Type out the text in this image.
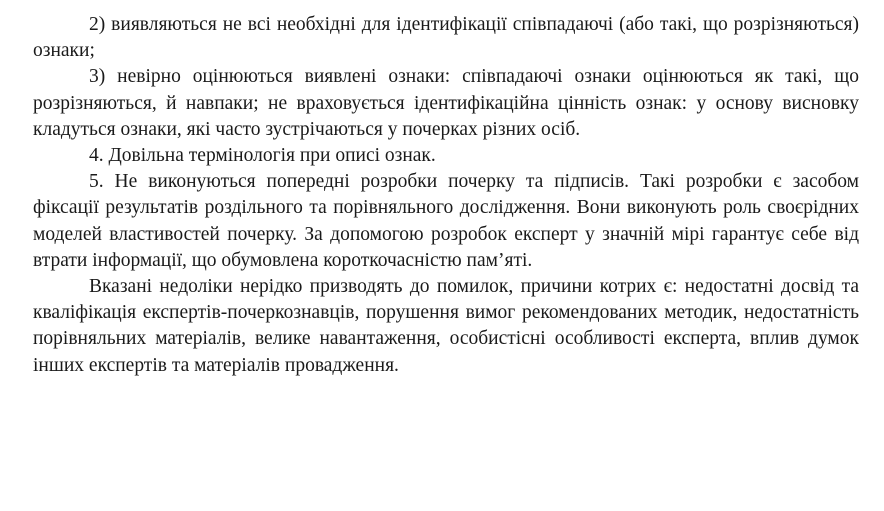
2) виявляються не всі необхідні для ідентифікації співпадаючі (або такі, що розрізняються) ознаки;

3) невірно оцінюються виявлені ознаки: співпадаючі ознаки оцінюються як такі, що розрізняються, й навпаки; не враховується ідентифікаційна цінність ознак: у основу висновку кладуться ознаки, які часто зустрічаються у почерках різних осіб.

4. Довільна термінологія при описі ознак.

5. Не виконуються попередні розробки почерку та підписів. Такі розробки є засобом фіксації результатів роздільного та порівняльного дослідження. Вони виконують роль своєрідних моделей властивостей почерку. За допомогою розробок експерт у значній мірі гарантує себе від втрати інформації, що обумовлена короткочасністю пам’яті.

Вказані недоліки нерідко призводять до помилок, причини котрих є: недостатні досвід та кваліфікація експертів-почеркознавців, порушення вимог рекомендованих методик, недостатність порівняльних матеріалів, велике навантаження, особистісні особливості експерта, вплив думок інших експертів та матеріалів провадження.
